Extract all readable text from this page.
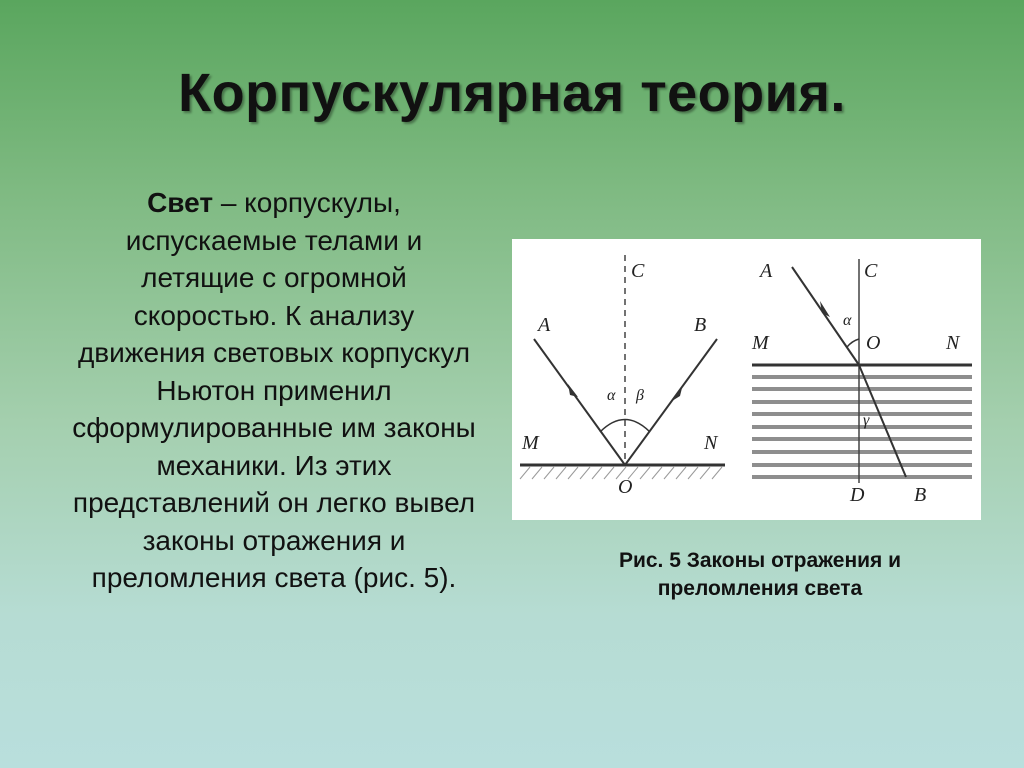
Корпускулярная теория.
Свет – корпускулы, испускаемые телами и летящие с огромной скоростью. К анализу движения световых корпускул Ньютон применил сформулированные им законы механики. Из этих представлений он легко вывел законы отражения и преломления света (рис. 5).
A	B
C
M	N
O
α β
A	C
M	N
O
D B
α
γ
Рис. 5 Законы отражения и преломления света
